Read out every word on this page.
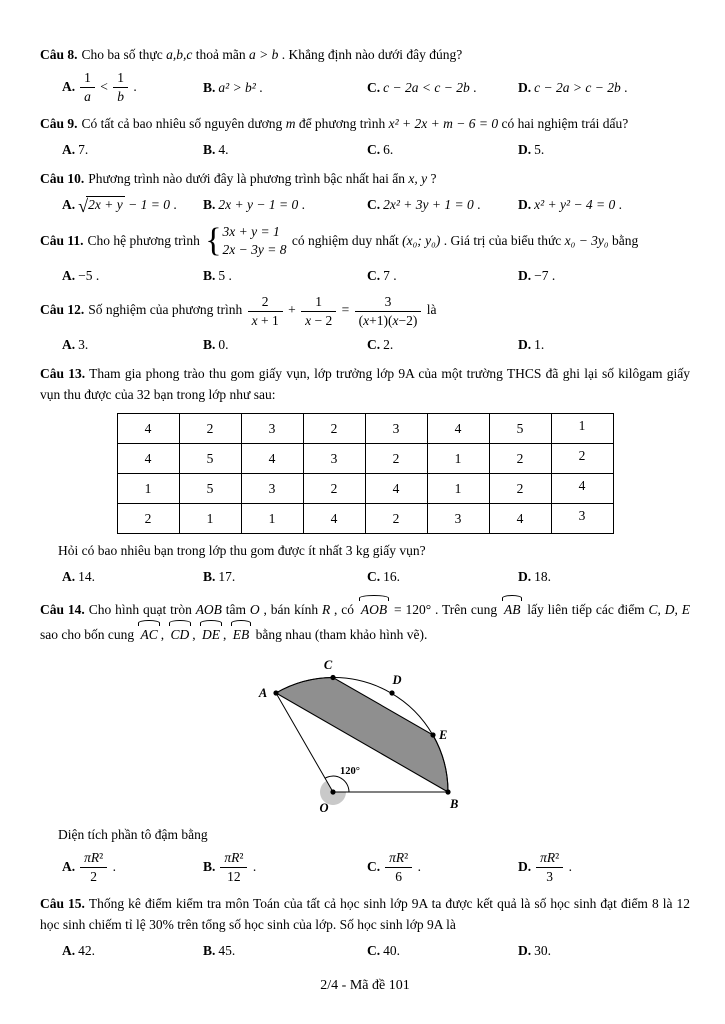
Câu 8. Cho ba số thực a,b,c thoả mãn a > b . Khẳng định nào dưới đây đúng?

A. $\frac{1}{a} < \frac{1}{b}$ .	B. a² > b² .	C. c − 2a < c − 2b .	D. c − 2a > c − 2b .

Câu 9. Có tất cả bao nhiêu số nguyên dương m để phương trình x² + 2x + m − 6 = 0 có hai nghiệm trái dấu?

A. 7.	B. 4.	C. 6.	D. 5.

Câu 10. Phương trình nào dưới đây là phương trình bậc nhất hai ẩn x, y ?

A. √2x + y − 1 = 0 .	B. 2x + y − 1 = 0 .	C. 2x² + 3y + 1 = 0 .	D. x² + y² − 4 = 0 .

Câu 11. Cho hệ phương trình { 3x + y = 1
2x − 3y = 8
có nghiệm duy nhất (x₀; y₀) . Giá trị của biểu thức x₀ − 3y₀ bằng

A. −5 .	B. 5 .	C. 7 .	D. −7 .

Câu 12. Số nghiệm của phương trình $\frac{2}{x + 1} + \frac{1}{x - 2} = \frac{3}{(x+1)(x-2)}$ là

A. 3.	B. 0.	C. 2.	D. 1.

Câu 13. Tham gia phong trào thu gom giấy vụn, lớp trưởng lớp 9A của một trường THCS đã ghi lại số kilôgam giấy vụn thu được của 32 bạn trong lớp như sau:

4	2	3	2	3	4	5	1
4	5	4	3	2	1	2	2
1	5	3	2	4	1	2	4
2	1	1	4	2	3	4	3

Hỏi có bao nhiêu bạn trong lớp thu gom được ít nhất 3 kg giấy vụn?

A. 14.	B. 17.	C. 16.	D. 18.

Câu 14. Cho hình quạt tròn AOB tâm O , bán kính R , có AOB = 120° . Trên cung AB lấy liên tiếp các điểm C, D, E sao cho bốn cung AC , CD , DE , EB bằng nhau (tham khảo hình vẽ).

A
C
D
E
O	B
120°

Diện tích phần tô đậm bằng

A. $\frac{\text{πR²}}{2}$ .	B. $\frac{\text{πR²}}{12}$ .	C. $\frac{\text{πR²}}{6}$ .	D. $\frac{\text{πR²}}{3}$ .

Câu 15. Thống kê điểm kiểm tra môn Toán của tất cả học sinh lớp 9A ta được kết quả là số học sinh đạt điểm 8 là 12 học sinh chiếm tỉ lệ 30% trên tổng số học sinh của lớp. Số học sinh lớp 9A là

A. 42.	B. 45.	C. 40.	D. 30.
2/4 - Mã đề 101
